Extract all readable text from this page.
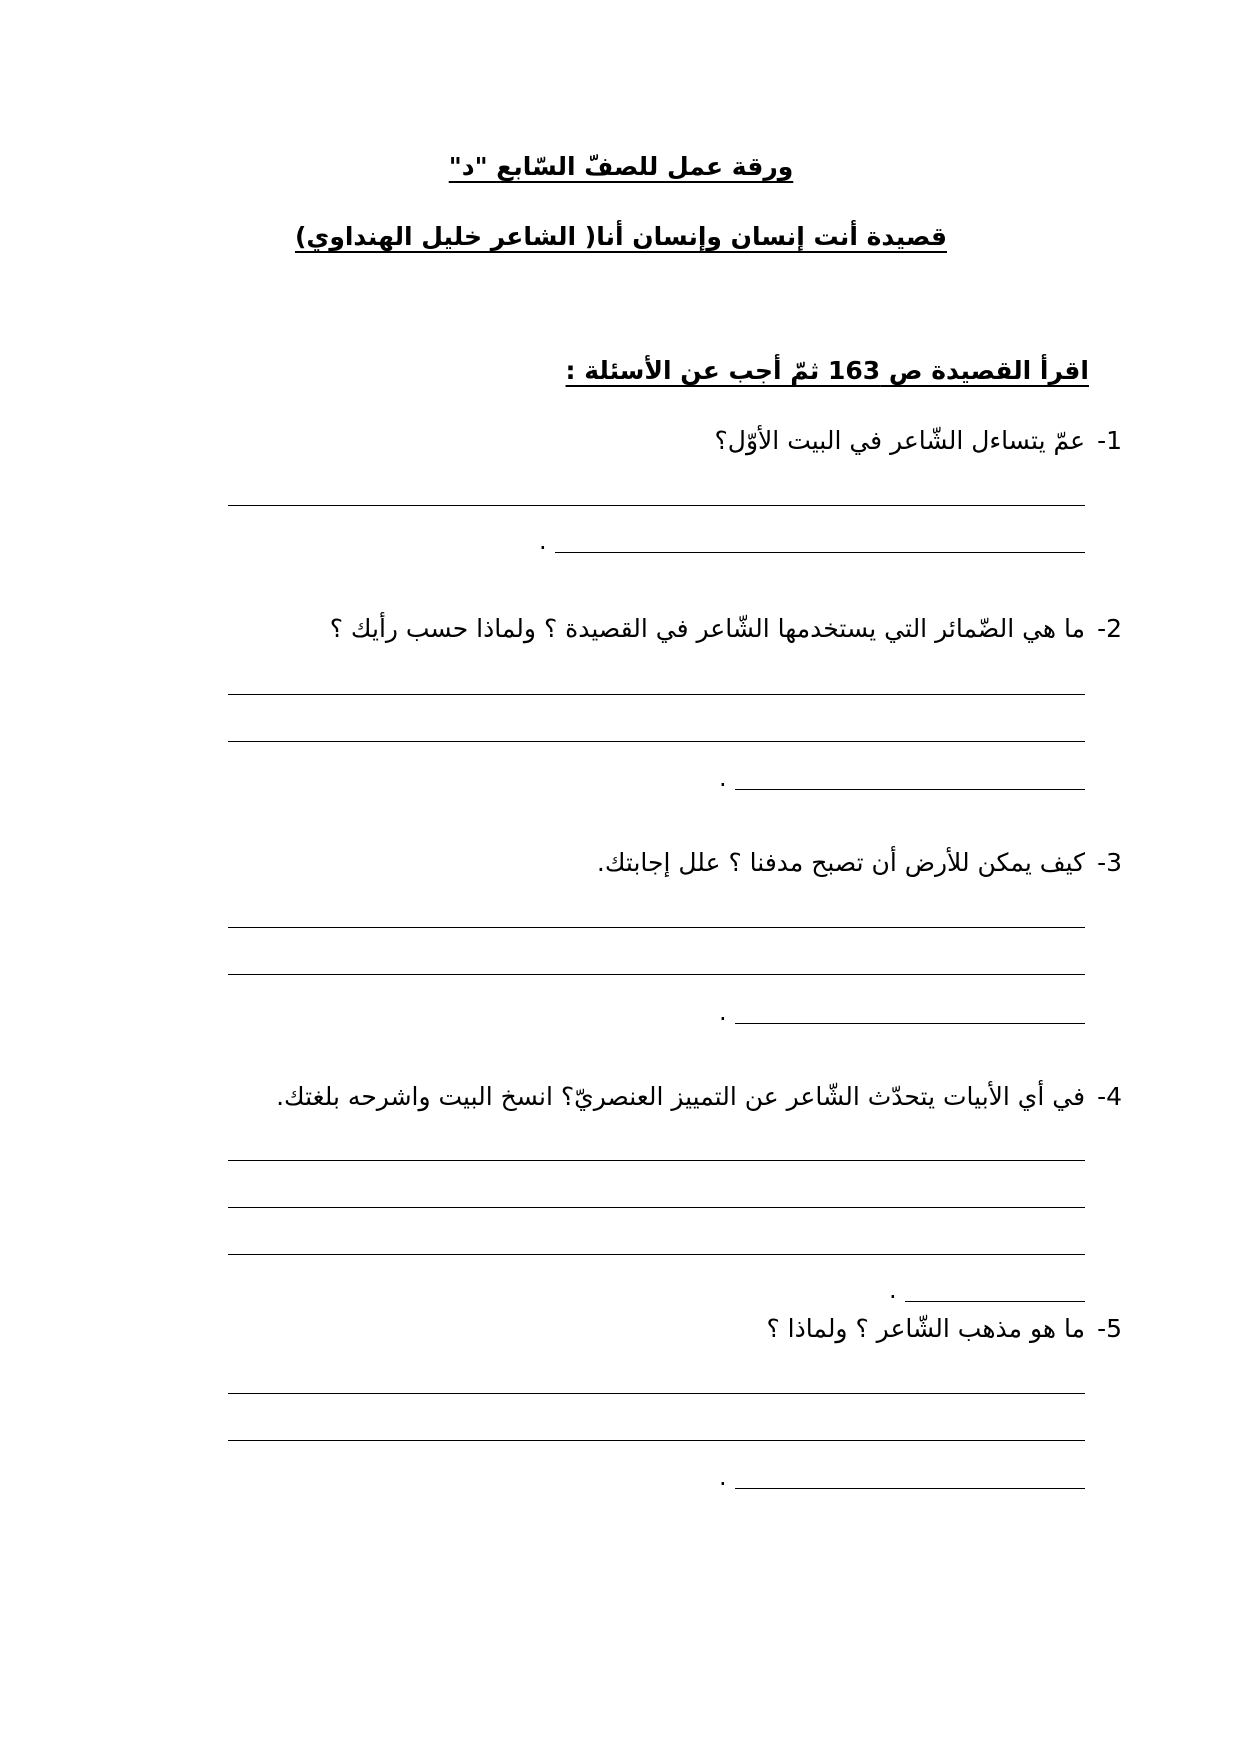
ورقة عمل للصفّ السّابع "د"
قصيدة أنت إنسان وإنسان أنا( الشاعر خليل الهنداوي)
اقرأ القصيدة ص 163 ثمّ أجب عن الأسئلة :
1-عمّ يتساءل الشّاعر في البيت الأوّل؟
.
2-ما هي الضّمائر التي يستخدمها الشّاعر في القصيدة ؟ ولماذا حسب رأيك ؟
.
3-كيف يمكن للأرض أن تصبح مدفنا ؟ علل إجابتك.
.
4-في أي الأبيات يتحدّث الشّاعر عن التمييز العنصريّ؟ انسخ البيت واشرحه بلغتك.
.
5-ما هو مذهب الشّاعر ؟ ولماذا ؟
.
